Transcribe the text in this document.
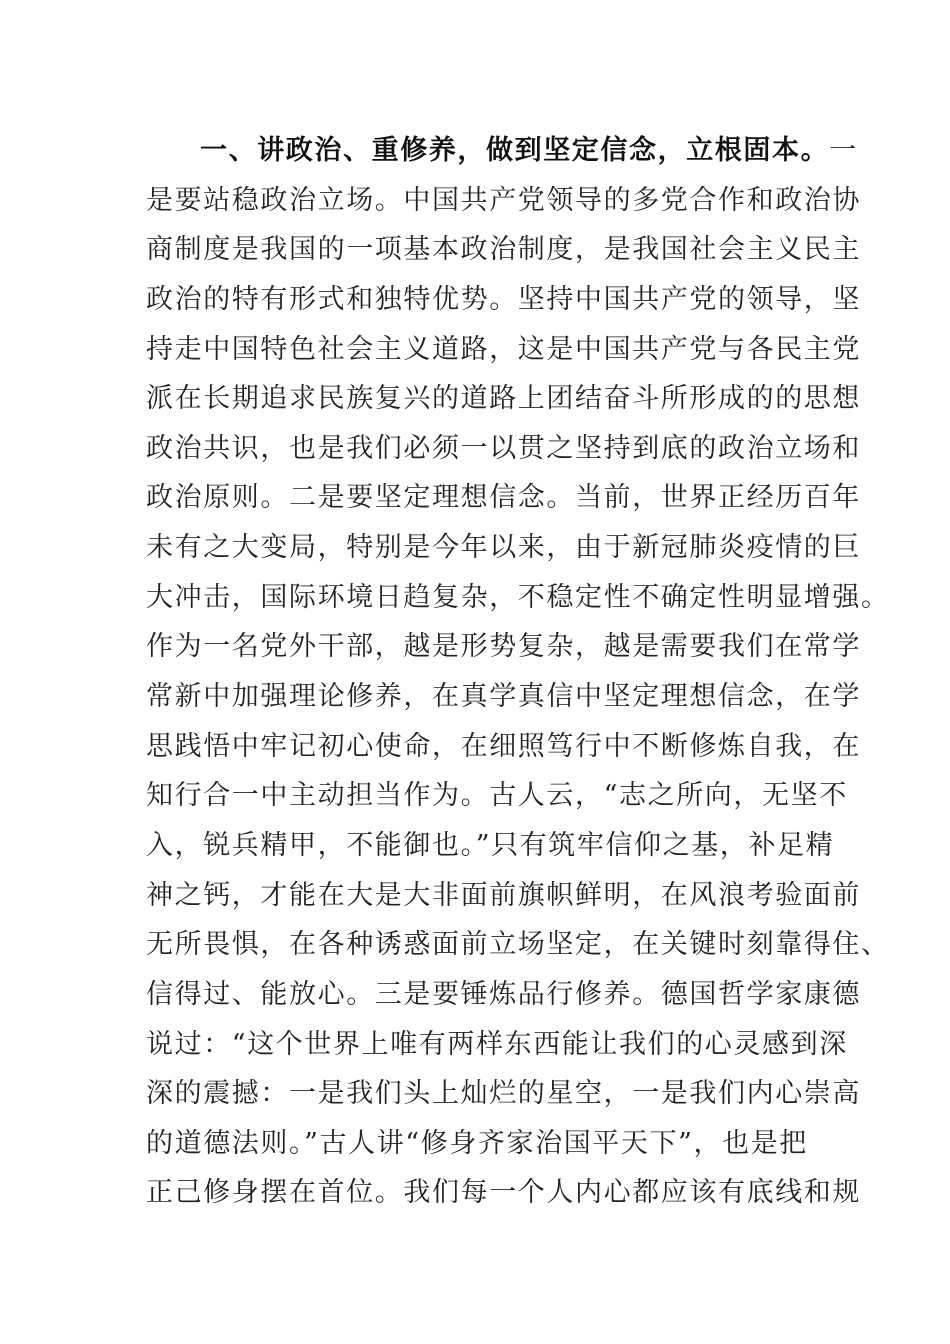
一、讲政治、重修养，做到坚定信念，立根固本。一
是要站稳政治立场。中国共产党领导的多党合作和政治协
商制度是我国的一项基本政治制度，是我国社会主义民主
政治的特有形式和独特优势。坚持中国共产党的领导，坚
持走中国特色社会主义道路，这是中国共产党与各民主党
派在长期追求民族复兴的道路上团结奋斗所形成的的思想
政治共识，也是我们必须一以贯之坚持到底的政治立场和
政治原则。二是要坚定理想信念。当前，世界正经历百年
未有之大变局，特别是今年以来，由于新冠肺炎疫情的巨
大冲击，国际环境日趋复杂，不稳定性不确定性明显增强。
作为一名党外干部，越是形势复杂，越是需要我们在常学
常新中加强理论修养，在真学真信中坚定理想信念，在学
思践悟中牢记初心使命，在细照笃行中不断修炼自我，在
知行合一中主动担当作为。古人云，“志之所向，无坚不
入，锐兵精甲，不能御也。”只有筑牢信仰之基，补足精
神之钙，才能在大是大非面前旗帜鲜明，在风浪考验面前
无所畏惧，在各种诱惑面前立场坚定，在关键时刻靠得住、
信得过、能放心。三是要锤炼品行修养。德国哲学家康德
说过：“这个世界上唯有两样东西能让我们的心灵感到深
深的震撼：一是我们头上灿烂的星空，一是我们内心崇高
的道德法则。”古人讲“修身齐家治国平天下”，也是把
正己修身摆在首位。我们每一个人内心都应该有底线和规
